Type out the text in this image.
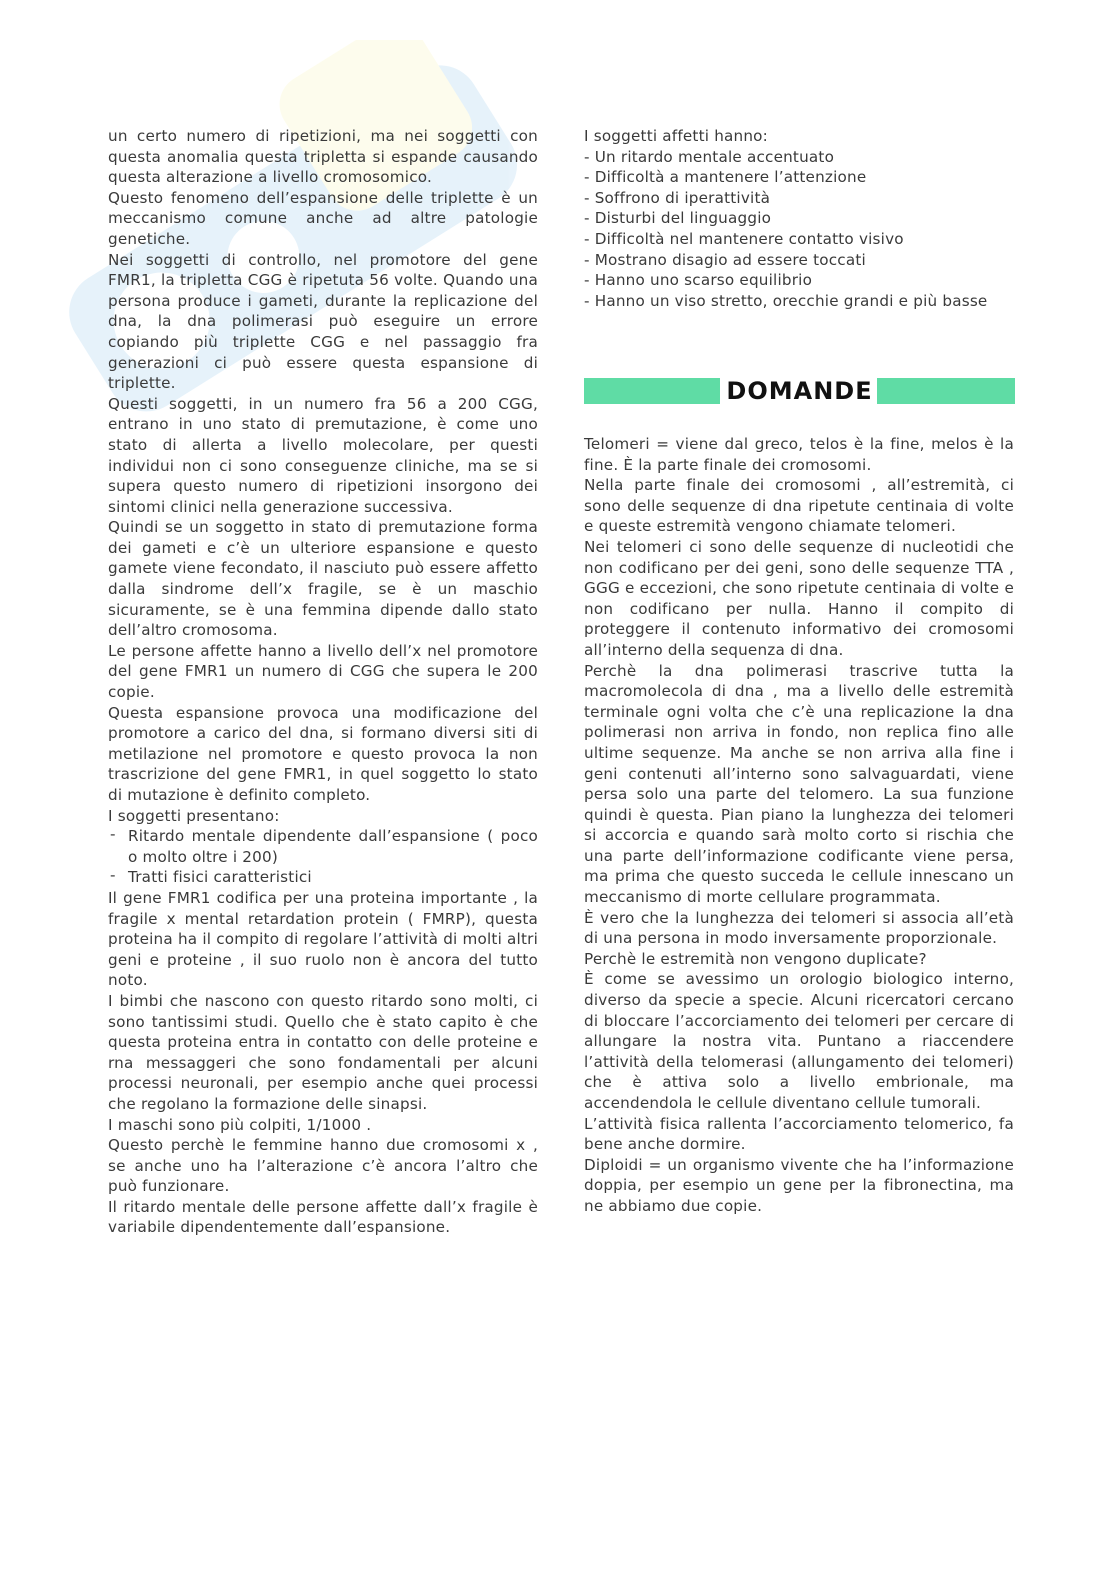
un certo numero di ripetizioni, ma nei soggetti con questa anomalia questa tripletta si espande causando questa alterazione a livello cromosomico.

Questo fenomeno dell’espansione delle triplette è un meccanismo comune anche ad altre patologie genetiche.

Nei soggetti di controllo, nel promotore del gene FMR1, la tripletta CGG è ripetuta 56 volte. Quando una persona produce i gameti, durante la replicazione del dna, la dna polimerasi può eseguire un errore copiando più triplette CGG e nel passaggio fra generazioni ci può essere questa espansione di triplette.

Questi soggetti, in un numero fra 56 a 200 CGG, entrano in uno stato di premutazione, è come uno stato di allerta a livello molecolare, per questi individui non ci sono conseguenze cliniche, ma se si supera questo numero di ripetizioni insorgono dei sintomi clinici nella generazione successiva.

Quindi se un soggetto in stato di premutazione forma dei gameti e c’è un ulteriore espansione e questo gamete viene fecondato, il nasciuto può essere affetto dalla sindrome dell’x fragile, se è un maschio sicuramente, se è una femmina dipende dallo stato dell’altro cromosoma.

Le persone affette hanno a livello dell’x nel promotore del gene FMR1 un numero di CGG che supera le 200 copie.

Questa espansione provoca una modificazione del promotore a carico del dna, si formano diversi siti di metilazione nel promotore e questo provoca la non trascrizione del gene FMR1, in quel soggetto lo stato di mutazione è definito completo.

I soggetti presentano:

- Ritardo mentale dipendente dall’espansione ( poco o molto oltre i 200)
- Tratti fisici caratteristici

Il gene FMR1 codifica per una proteina importante , la fragile x mental retardation protein ( FMRP), questa proteina ha il compito di regolare l’attività di molti altri geni e proteine , il suo ruolo non è ancora del tutto noto.

I bimbi che nascono con questo ritardo sono molti, ci sono tantissimi studi. Quello che è stato capito è che questa proteina entra in contatto con delle proteine e rna messaggeri che sono fondamentali per alcuni processi neuronali, per esempio anche quei processi che regolano la formazione delle sinapsi.

I maschi sono più colpiti, 1/1000 .

Questo perchè le femmine hanno due cromosomi x , se anche uno ha l’alterazione c’è ancora l’altro che può funzionare.

Il ritardo mentale delle persone affette dall’x fragile è variabile dipendentemente dall’espansione.

I soggetti affetti hanno:

- Un ritardo mentale accentuato

- Difficoltà a mantenere l’attenzione

- Soffrono di iperattività

- Disturbi del linguaggio

- Difficoltà nel mantenere contatto visivo

- Mostrano disagio ad essere toccati

- Hanno uno scarso equilibrio

- Hanno un viso stretto, orecchie grandi e più basse

DOMANDE

Telomeri = viene dal greco, telos è la fine, melos è la fine. È la parte finale dei cromosomi.

Nella parte finale dei cromosomi , all’estremità, ci sono delle sequenze di dna ripetute centinaia di volte e queste estremità vengono chiamate telomeri.

Nei telomeri ci sono delle sequenze di nucleotidi che non codificano per dei geni, sono delle sequenze TTA , GGG e eccezioni, che sono ripetute centinaia di volte e non codificano per nulla. Hanno il compito di proteggere il contenuto informativo dei cromosomi all’interno della sequenza di dna.

Perchè la dna polimerasi trascrive tutta la macromolecola di dna , ma a livello delle estremità terminale ogni volta che c’è una replicazione la dna polimerasi non arriva in fondo, non replica fino alle ultime sequenze. Ma anche se non arriva alla fine i geni contenuti all’interno sono salvaguardati, viene persa solo una parte del telomero. La sua funzione quindi è questa. Pian piano la lunghezza dei telomeri si accorcia e quando sarà molto corto si rischia che una parte dell’informazione codificante viene persa, ma prima che questo succeda le cellule innescano un meccanismo di morte cellulare programmata.

È vero che la lunghezza dei telomeri si associa all’età di una persona in modo inversamente proporzionale.

Perchè le estremità non vengono duplicate?

È come se avessimo un orologio biologico interno, diverso da specie a specie. Alcuni ricercatori cercano di bloccare l’accorciamento dei telomeri per cercare di allungare la nostra vita. Puntano a riaccendere l’attività della telomerasi (allungamento dei telomeri) che è attiva solo a livello embrionale, ma accendendola le cellule diventano cellule tumorali.

L’attività fisica rallenta l’accorciamento telomerico, fa bene anche dormire.

Diploidi = un organismo vivente che ha l’informazione doppia, per esempio un gene per la fibronectina, ma ne abbiamo due copie.
